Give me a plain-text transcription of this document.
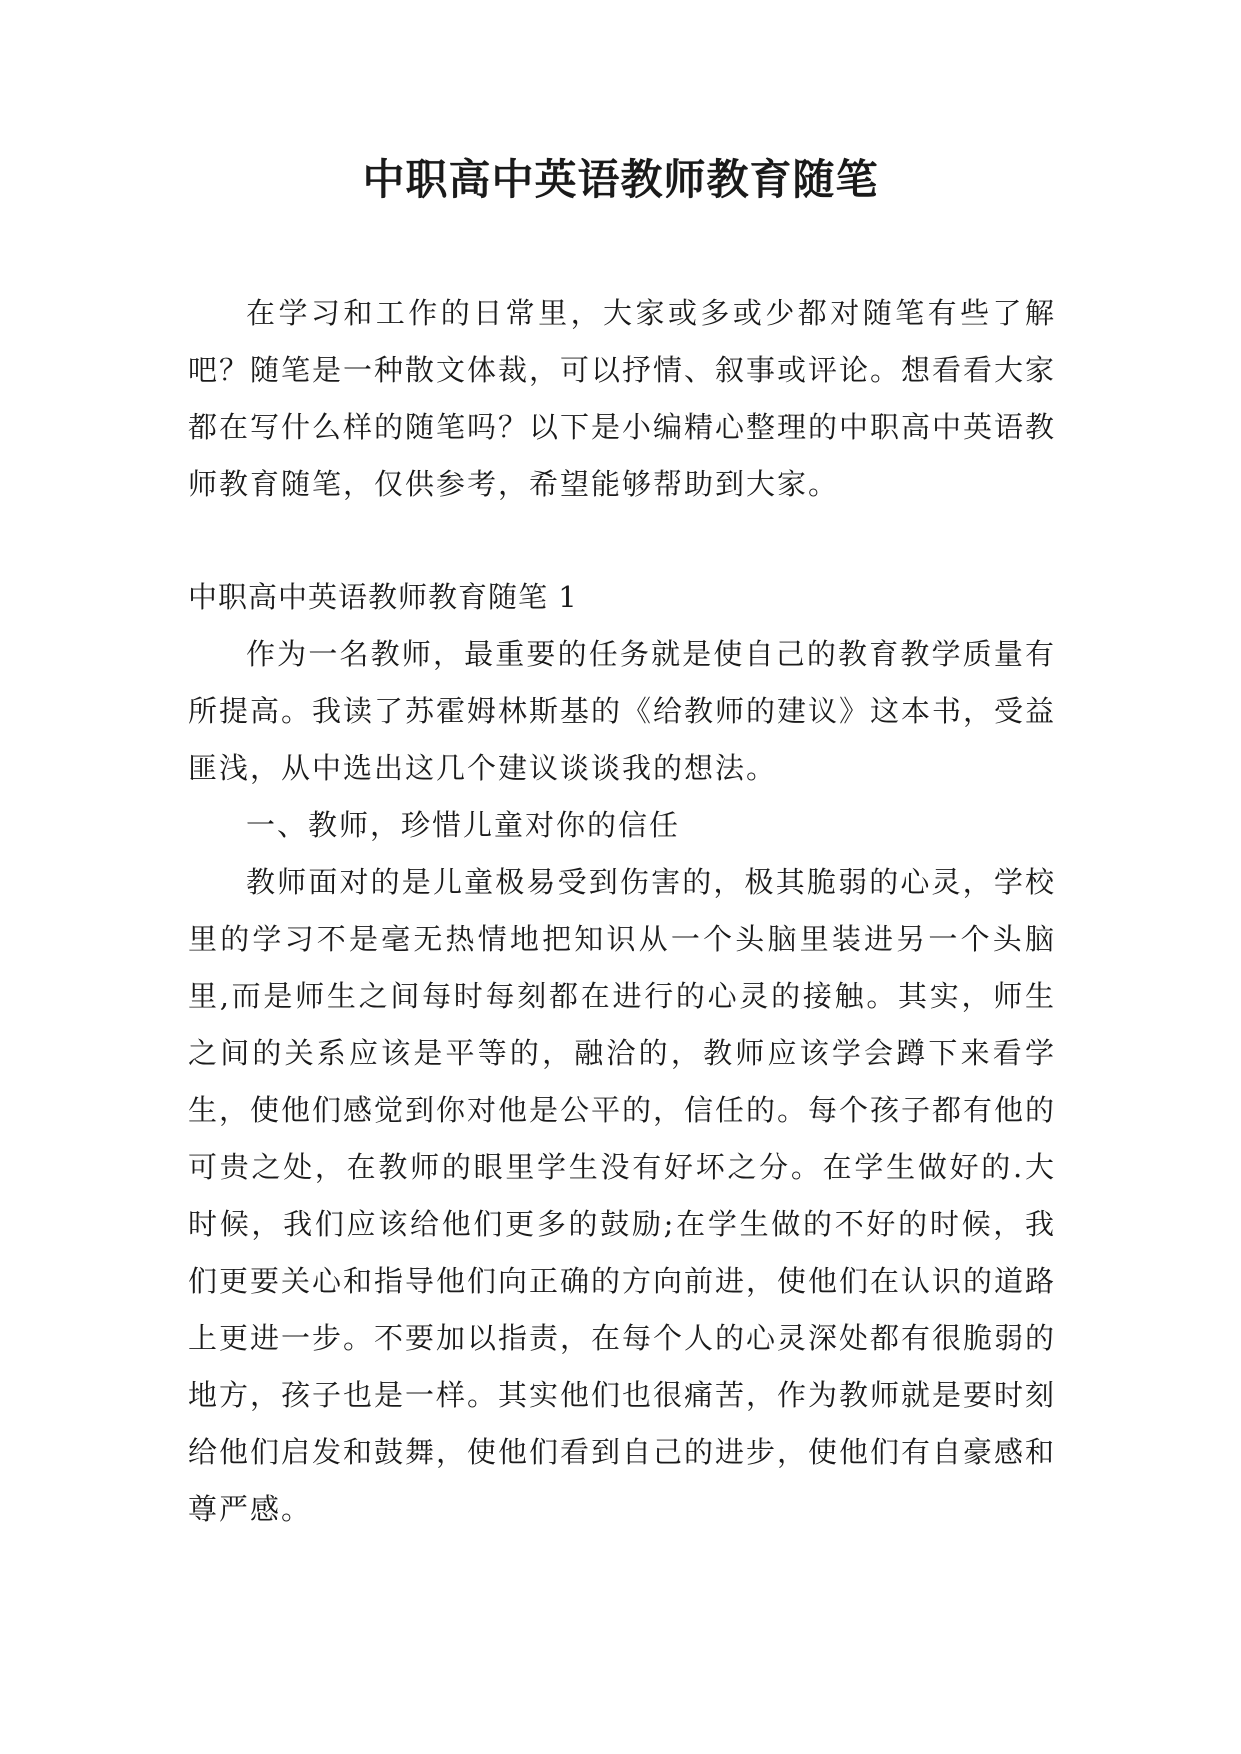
中职高中英语教师教育随笔

在学习和工作的日常里，大家或多或少都对随笔有些了解吧？随笔是一种散文体裁，可以抒情、叙事或评论。想看看大家都在写什么样的随笔吗？以下是小编精心整理的中职高中英语教师教育随笔，仅供参考，希望能够帮助到大家。

中职高中英语教师教育随笔 1

作为一名教师，最重要的任务就是使自己的教育教学质量有所提高。我读了苏霍姆林斯基的《给教师的建议》这本书，受益匪浅，从中选出这几个建议谈谈我的想法。

一、教师，珍惜儿童对你的信任

教师面对的是儿童极易受到伤害的，极其脆弱的心灵，学校里的学习不是毫无热情地把知识从一个头脑里装进另一个头脑里,而是师生之间每时每刻都在进行的心灵的接触。其实，师生之间的关系应该是平等的，融洽的，教师应该学会蹲下来看学生，使他们感觉到你对他是公平的，信任的。每个孩子都有他的可贵之处，在教师的眼里学生没有好坏之分。在学生做好的.大时候，我们应该给他们更多的鼓励;在学生做的不好的时候，我们更要关心和指导他们向正确的方向前进，使他们在认识的道路上更进一步。不要加以指责，在每个人的心灵深处都有很脆弱的地方，孩子也是一样。其实他们也很痛苦，作为教师就是要时刻给他们启发和鼓舞，使他们看到自己的进步，使他们有自豪感和尊严感。
